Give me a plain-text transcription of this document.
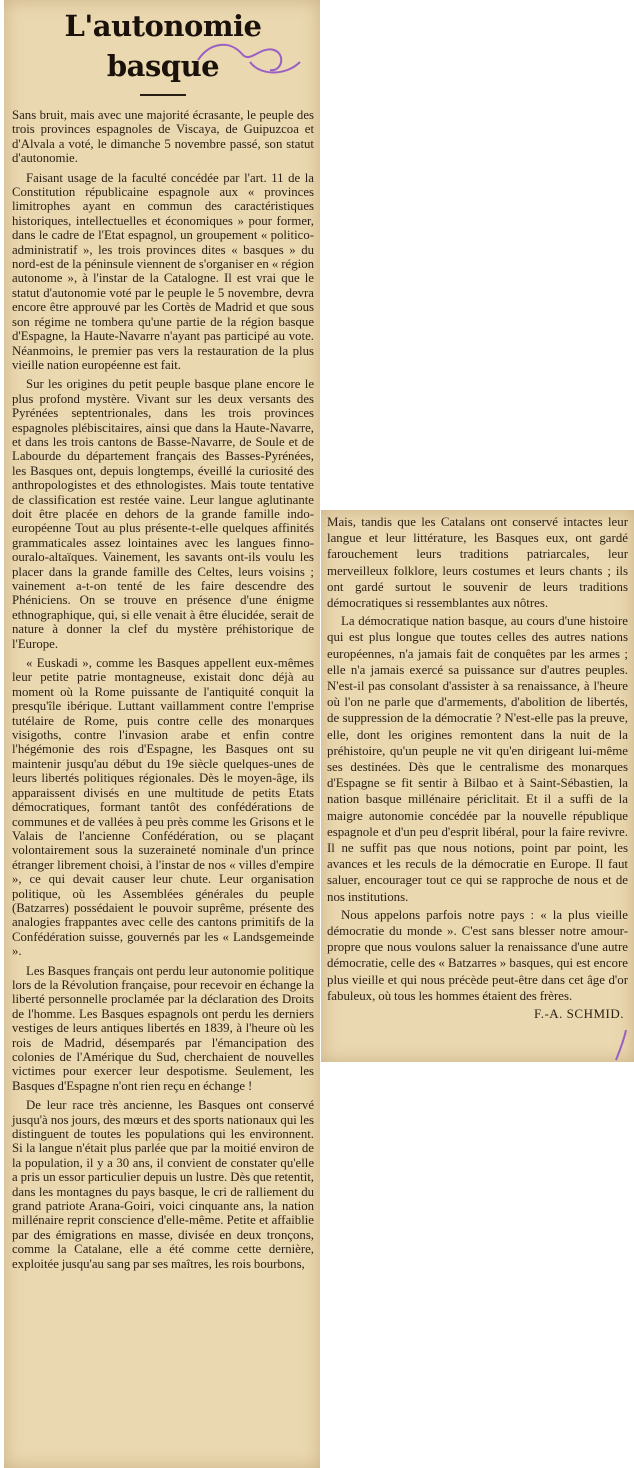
L'autonomie basque

Sans bruit, mais avec une majorité écrasante, le peuple des trois provinces espagnoles de Viscaya, de Guipuzcoa et d'Alvala a voté, le dimanche 5 novembre passé, son statut d'autonomie.

Faisant usage de la faculté concédée par l'art. 11 de la Constitution républicaine espagnole aux « provinces limitrophes ayant en commun des caractéristiques historiques, intellectuelles et économiques » pour former, dans le cadre de l'Etat espagnol, un groupement « politico-administratif », les trois provinces dites « basques » du nord-est de la péninsule viennent de s'organiser en « région autonome », à l'instar de la Catalogne. Il est vrai que le statut d'autonomie voté par le peuple le 5 novembre, devra encore être approuvé par les Cortès de Madrid et que sous son régime ne tombera qu'une partie de la région basque d'Espagne, la Haute-Navarre n'ayant pas participé au vote. Néanmoins, le premier pas vers la restauration de la plus vieille nation européenne est fait.

Sur les origines du petit peuple basque plane encore le plus profond mystère. Vivant sur les deux versants des Pyrénées septentrionales, dans les trois provinces espagnoles plébiscitaires, ainsi que dans la Haute-Navarre, et dans les trois cantons de Basse-Navarre, de Soule et de Labourde du département français des Basses-Pyrénées, les Basques ont, depuis longtemps, éveillé la curiosité des anthropologistes et des ethnologistes. Mais toute tentative de classification est restée vaine. Leur langue aglutinante doit être placée en dehors de la grande famille indo-européenne Tout au plus présente-t-elle quelques affinités grammaticales assez lointaines avec les langues finno-ouralo-altaïques. Vainement, les savants ont-ils voulu les placer dans la grande famille des Celtes, leurs voisins ; vainement a-t-on tenté de les faire descendre des Phéniciens. On se trouve en présence d'une énigme ethnographique, qui, si elle venait à être élucidée, serait de nature à donner la clef du mystère préhistorique de l'Europe.

« Euskadi », comme les Basques appellent eux-mêmes leur petite patrie montagneuse, existait donc déjà au moment où la Rome puissante de l'antiquité conquit la presqu'île ibérique. Luttant vaillamment contre l'emprise tutélaire de Rome, puis contre celle des monarques visigoths, contre l'invasion arabe et enfin contre l'hégémonie des rois d'Espagne, les Basques ont su maintenir jusqu'au début du 19e siècle quelques-unes de leurs libertés politiques régionales. Dès le moyen-âge, ils apparaissent divisés en une multitude de petits Etats démocratiques, formant tantôt des confédérations de communes et de vallées à peu près comme les Grisons et le Valais de l'ancienne Confédération, ou se plaçant volontairement sous la suzeraineté nominale d'un prince étranger librement choisi, à l'instar de nos « villes d'empire », ce qui devait causer leur chute. Leur organisation politique, où les Assemblées générales du peuple (Batzarres) possédaient le pouvoir suprême, présente des analogies frappantes avec celle des cantons primitifs de la Confédération suisse, gouvernés par les « Landsgemeinde ».

Les Basques français ont perdu leur autonomie politique lors de la Révolution française, pour recevoir en échange la liberté personnelle proclamée par la déclaration des Droits de l'homme. Les Basques espagnols ont perdu les derniers vestiges de leurs antiques libertés en 1839, à l'heure où les rois de Madrid, désemparés par l'émancipation des colonies de l'Amérique du Sud, cherchaient de nouvelles victimes pour exercer leur despotisme. Seulement, les Basques d'Espagne n'ont rien reçu en échange !

De leur race très ancienne, les Basques ont conservé jusqu'à nos jours, des mœurs et des sports nationaux qui les distinguent de toutes les populations qui les environnent. Si la langue n'était plus parlée que par la moitié environ de la population, il y a 30 ans, il convient de constater qu'elle a pris un essor particulier depuis un lustre. Dès que retentit, dans les montagnes du pays basque, le cri de ralliement du grand patriote Arana-Goiri, voici cinquante ans, la nation millénaire reprit conscience d'elle-même. Petite et affaiblie par des émigrations en masse, divisée en deux tronçons, comme la Catalane, elle a été comme cette dernière, exploitée jusqu'au sang par ses maîtres, les rois bourbons,

Mais, tandis que les Catalans ont conservé intactes leur langue et leur littérature, les Basques eux, ont gardé farouchement leurs traditions patriarcales, leur merveilleux folklore, leurs costumes et leurs chants ; ils ont gardé surtout le souvenir de leurs traditions démocratiques si ressemblantes aux nôtres.

La démocratique nation basque, au cours d'une histoire qui est plus longue que toutes celles des autres nations européennes, n'a jamais fait de conquêtes par les armes ; elle n'a jamais exercé sa puissance sur d'autres peuples. N'est-il pas consolant d'assister à sa renaissance, à l'heure où l'on ne parle que d'armements, d'abolition de libertés, de suppression de la démocratie ? N'est-elle pas la preuve, elle, dont les origines remontent dans la nuit de la préhistoire, qu'un peuple ne vit qu'en dirigeant lui-même ses destinées. Dès que le centralisme des monarques d'Espagne se fit sentir à Bilbao et à Saint-Sébastien, la nation basque millénaire périclitait. Et il a suffi de la maigre autonomie concédée par la nouvelle république espagnole et d'un peu d'esprit libéral, pour la faire revivre. Il ne suffit pas que nous notions, point par point, les avances et les reculs de la démocratie en Europe. Il faut saluer, encourager tout ce qui se rapproche de nous et de nos institutions.

Nous appelons parfois notre pays : « la plus vieille démocratie du monde ». C'est sans blesser notre amour-propre que nous voulons saluer la renaissance d'une autre démocratie, celle des « Batzarres » basques, qui est encore plus vieille et qui nous précède peut-être dans cet âge d'or fabuleux, où tous les hommes étaient des frères.

F.-A. SCHMID.
